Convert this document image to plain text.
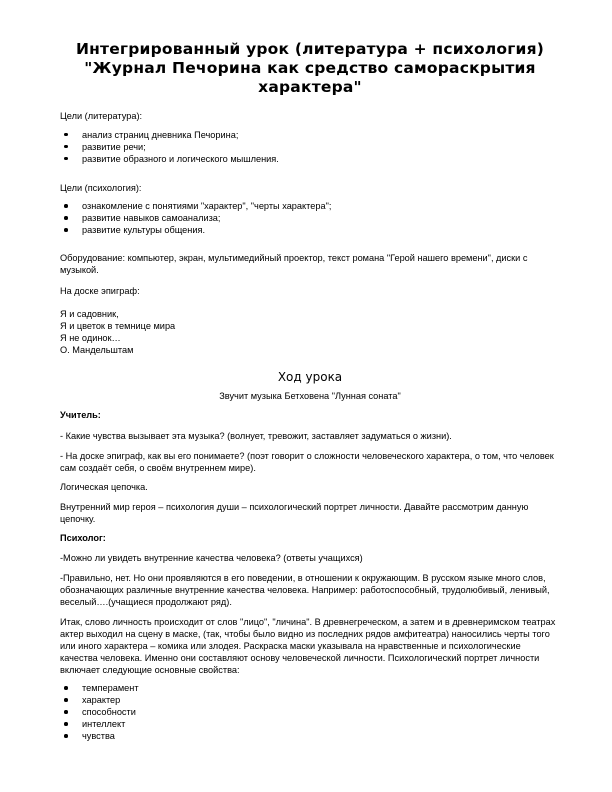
Интегрированный урок (литература + психология)
"Журнал Печорина как средство самораскрытия
характера"

Цели (литература):

анализ страниц дневника Печорина;
развитие речи;
развитие образного и логического мышления.

Цели (психология):

ознакомление с понятиями "характер", "черты характера";
развитие навыков самоанализа;
развитие культуры общения.

Оборудование: компьютер, экран, мультимедийный проектор, текст романа "Герой нашего времени", диски с музыкой.

На доске эпиграф:

Я и садовник,

Я и цветок в темнице мира

Я не одинок…

О. Мандельштам

Ход урока

Звучит музыка Бетховена "Лунная соната"

Учитель:

- Какие чувства вызывает эта музыка? (волнует, тревожит, заставляет задуматься о жизни).

- На доске эпиграф, как вы его понимаете? (поэт говорит о сложности человеческого характера, о том, что человек сам создаёт себя, о своём внутреннем мире).

Логическая цепочка.

Внутренний мир героя – психология души – психологический портрет личности. Давайте рассмотрим данную цепочку.

Психолог:

-Можно ли увидеть внутренние качества человека? (ответы учащихся)

-Правильно, нет. Но они проявляются в его поведении, в отношении к окружающим. В русском языке много слов, обозначающих различные внутренние качества человека. Например: работоспособный, трудолюбивый, ленивый, веселый….(учащиеся продолжают ряд).

Итак, слово личность происходит от слов "лицо", "личина". В древнегреческом, а затем и в древнеримском театрах актер выходил на сцену в маске, (так, чтобы было видно из последних рядов амфитеатра) наносились черты того или иного характера – комика или злодея. Раскраска маски указывала на нравственные и психологические качества человека. Именно они составляют основу человеческой личности. Психологический портрет личности включает следующие основные свойства:

темперамент
характер
способности
интеллект
чувства
